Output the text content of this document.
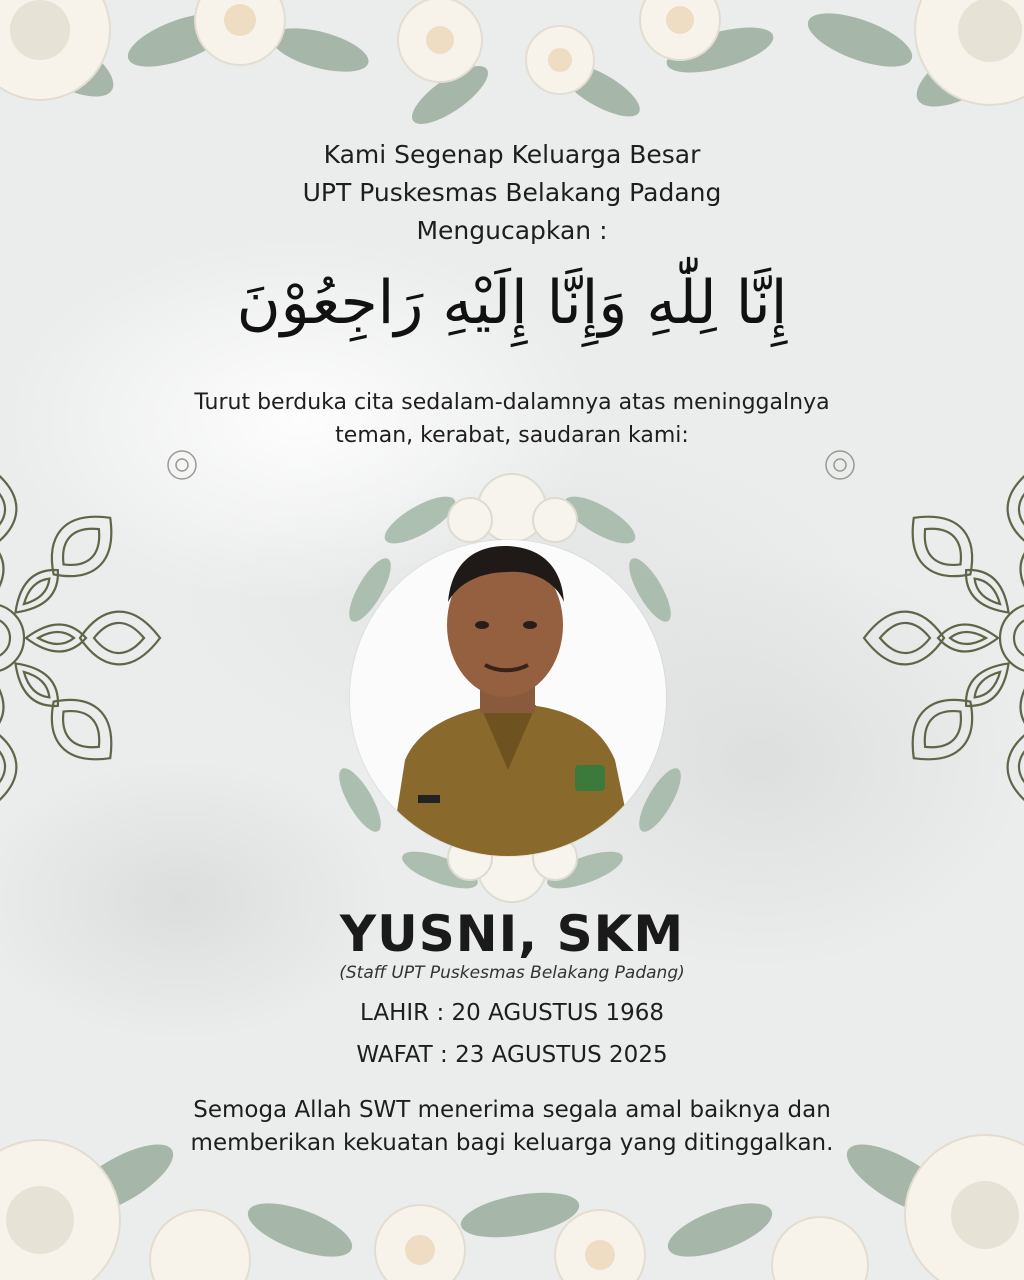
Kami Segenap Keluarga Besar
UPT Puskesmas Belakang Padang
Mengucapkan :
إِنَّا لِلّٰهِ وَإِنَّا إِلَيْهِ رَاجِعُوْنَ
Turut berduka cita sedalam-dalamnya atas meninggalnya
teman, kerabat, saudaran kami:
YUSNI, SKM
(Staff UPT Puskesmas Belakang Padang)
LAHIR : 20 AGUSTUS 1968
WAFAT : 23 AGUSTUS 2025
Semoga Allah SWT menerima segala amal baiknya dan
memberikan kekuatan bagi keluarga yang ditinggalkan.
